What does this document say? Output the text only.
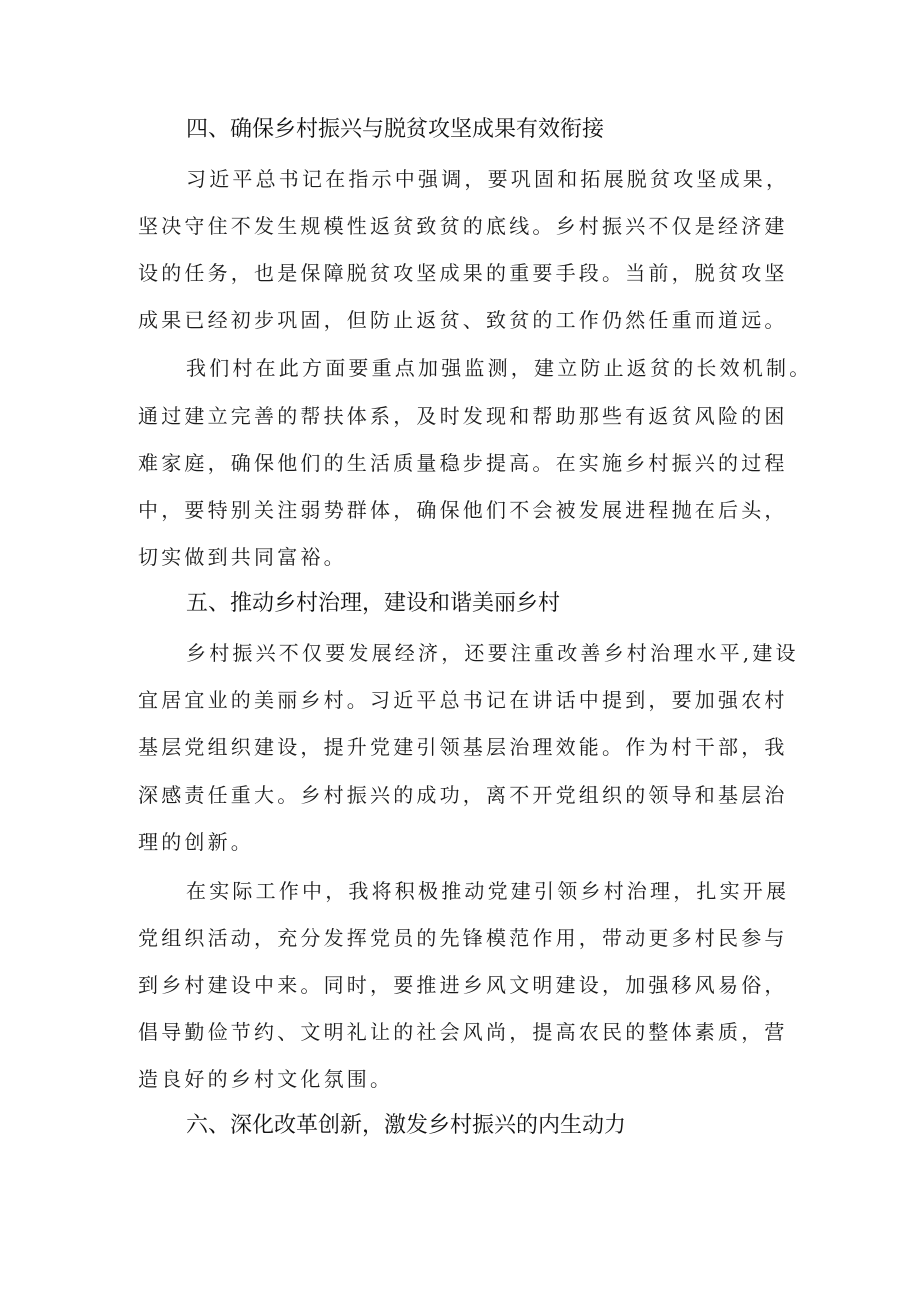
四、确保乡村振兴与脱贫攻坚成果有效衔接
习近平总书记在指示中强调，要巩固和拓展脱贫攻坚成果，
坚决守住不发生规模性返贫致贫的底线。乡村振兴不仅是经济建
设的任务，也是保障脱贫攻坚成果的重要手段。当前，脱贫攻坚
成果已经初步巩固，但防止返贫、致贫的工作仍然任重而道远。
我们村在此方面要重点加强监测，建立防止返贫的长效机制。
通过建立完善的帮扶体系，及时发现和帮助那些有返贫风险的困
难家庭，确保他们的生活质量稳步提高。在实施乡村振兴的过程
中，要特别关注弱势群体，确保他们不会被发展进程抛在后头，
切实做到共同富裕。
五、推动乡村治理，建设和谐美丽乡村
乡村振兴不仅要发展经济，还要注重改善乡村治理水平,建设
宜居宜业的美丽乡村。习近平总书记在讲话中提到，要加强农村
基层党组织建设，提升党建引领基层治理效能。作为村干部，我
深感责任重大。乡村振兴的成功，离不开党组织的领导和基层治
理的创新。
在实际工作中，我将积极推动党建引领乡村治理，扎实开展
党组织活动，充分发挥党员的先锋模范作用，带动更多村民参与
到乡村建设中来。同时，要推进乡风文明建设，加强移风易俗，
倡导勤俭节约、文明礼让的社会风尚，提高农民的整体素质，营
造良好的乡村文化氛围。
六、深化改革创新，激发乡村振兴的内生动力
